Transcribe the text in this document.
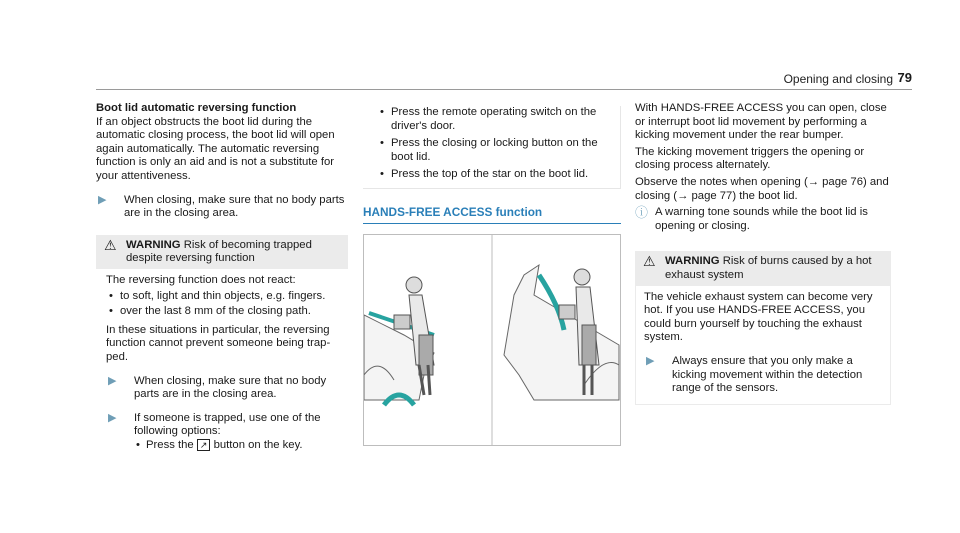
Opening and closing 79

Boot lid automatic reversing function

If an object obstructs the boot lid during the automatic closing process, the boot lid will open again automatically. The automatic reversing function is only an aid and is not a substitute for your attentiveness.

▶	When closing, make sure that no body parts are in the closing area.
⚠ WARNING Risk of becoming trapped despite reversing function

The reversing function does not react:

• to soft, light and thin objects, e.g. fingers.
• over the last 8 mm of the closing path.

In these situations in particular, the reversing function cannot prevent someone being trap-ped.

▶	When closing, make sure that no body parts are in the closing area.
▶	If someone is trapped, use one of the following options:
• Press the ↗ button on the key.
• Press the remote operating switch on the driver's door.
• Press the closing or locking button on the boot lid.
• Press the top of the star on the boot lid.
HANDS-FREE ACCESS function

With HANDS-FREE ACCESS you can open, close or interrupt boot lid movement by performing a kicking movement under the rear bumper.

The kicking movement triggers the opening or closing process alternately.

Observe the notes when opening (→ page 76) and closing (→ page 77) the boot lid.

ⓘ A warning tone sounds while the boot lid is opening or closing.
⚠ WARNING Risk of burns caused by a hot exhaust system

The vehicle exhaust system can become very hot. If you use HANDS-FREE ACCESS, you could burn yourself by touching the exhaust system.

▶	Always ensure that you only make a kicking movement within the detection range of the sensors.
